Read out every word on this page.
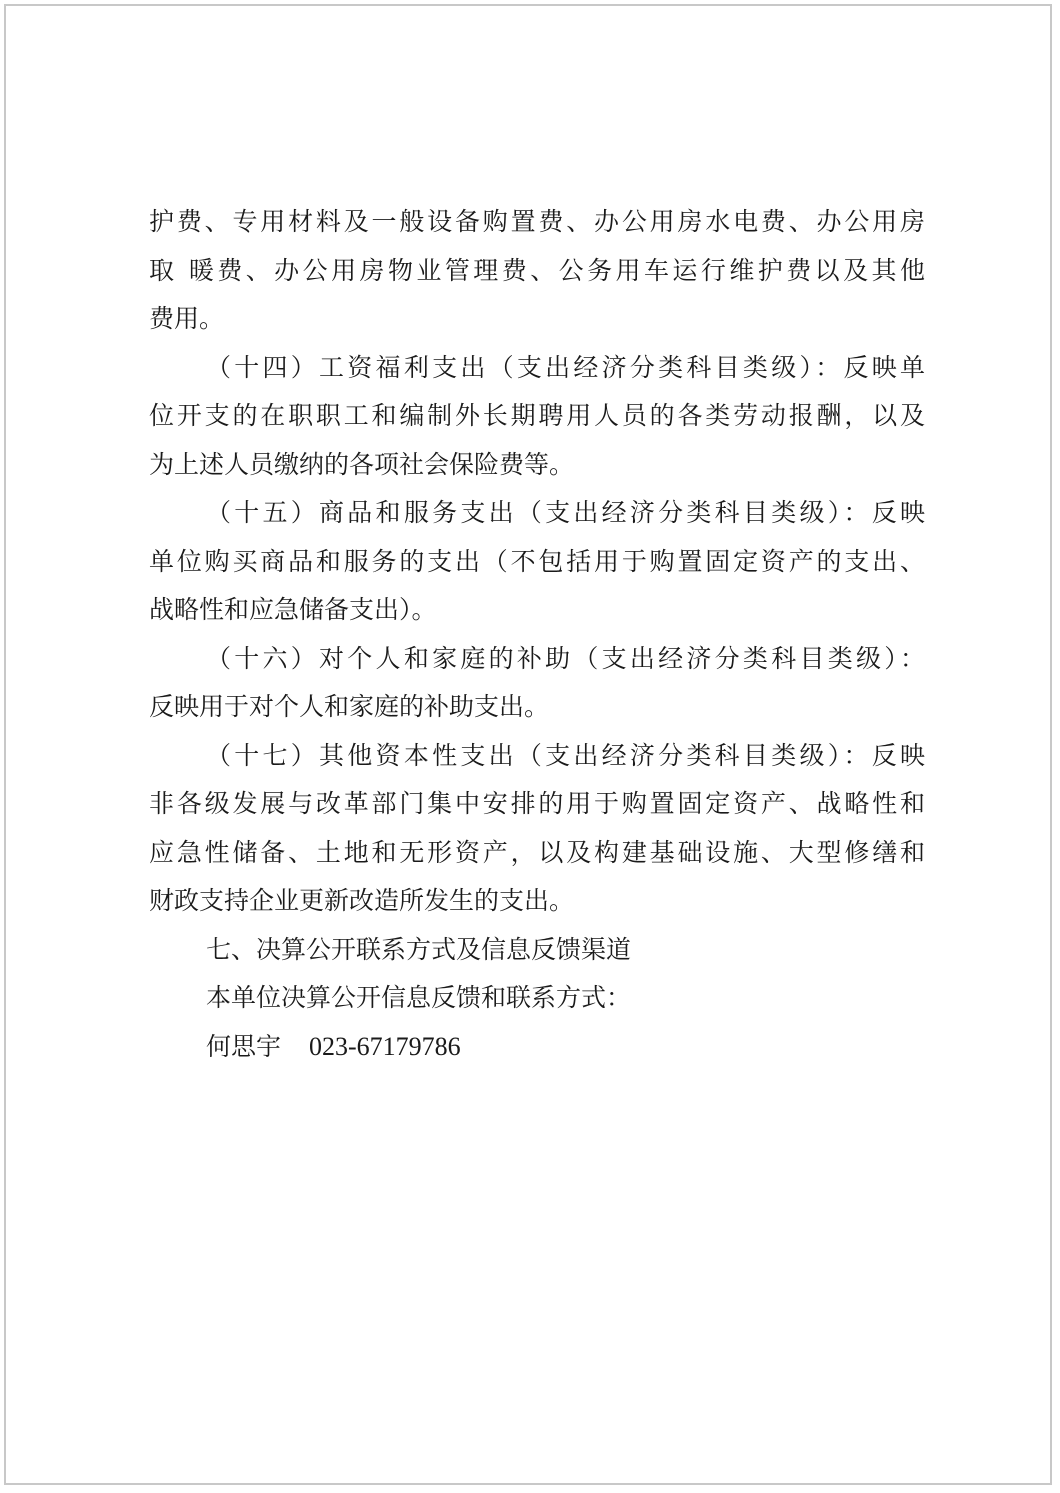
护费、专用材料及一般设备购置费、办公用房水电费、办公用房
取 暖费、办公用房物业管理费、公务用车运行维护费以及其他
费用。
（十四）工资福利支出（支出经济分类科目类级）：反映单
位开支的在职职工和编制外长期聘用人员的各类劳动报酬，以及
为上述人员缴纳的各项社会保险费等。
（十五）商品和服务支出（支出经济分类科目类级）：反映
单位购买商品和服务的支出（不包括用于购置固定资产的支出、
战略性和应急储备支出）。
（十六）对个人和家庭的补助（支出经济分类科目类级）：
反映用于对个人和家庭的补助支出。
（十七）其他资本性支出（支出经济分类科目类级）：反映
非各级发展与改革部门集中安排的用于购置固定资产、战略性和
应急性储备、土地和无形资产，以及构建基础设施、大型修缮和
财政支持企业更新改造所发生的支出。
七、决算公开联系方式及信息反馈渠道
本单位决算公开信息反馈和联系方式：
何思宇 023-67179786
